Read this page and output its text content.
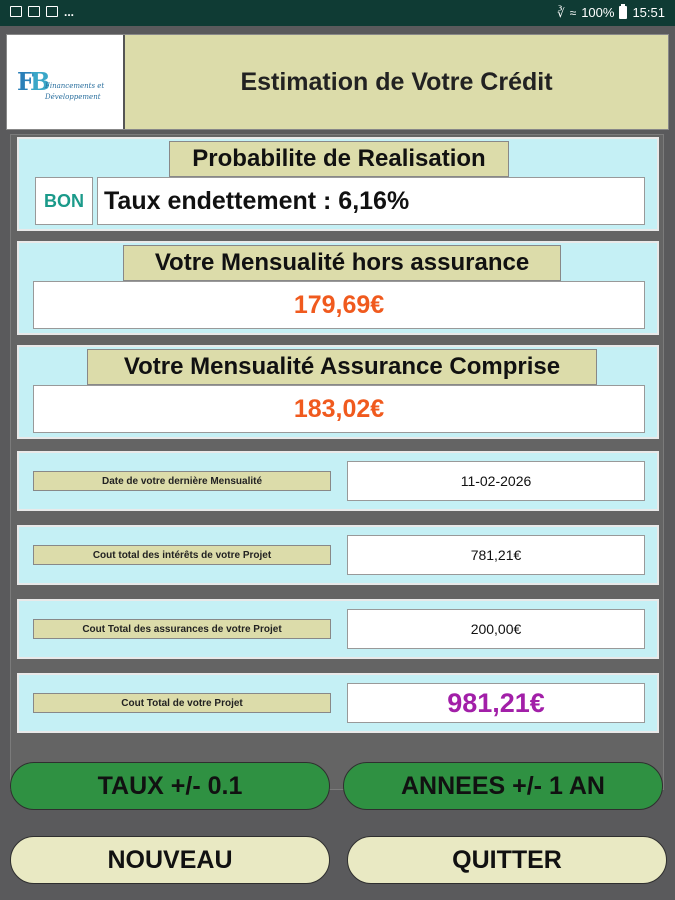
...	∛ ≈ 100% 15:51
FB
Financements et
Développement
Estimation de Votre Crédit
Probabilite de Realisation
BON Taux endettement : 6,16%
Votre Mensualité hors assurance
179,69€
Votre Mensualité Assurance Comprise
183,02€
Date de votre dernière Mensualité	11-02-2026
Cout total des intérêts de votre Projet	781,21€
Cout Total des assurances de votre Projet	200,00€
Cout Total de votre Projet	981,21€
TAUX +/- 0.1	ANNEES +/- 1 AN
NOUVEAU	QUITTER
